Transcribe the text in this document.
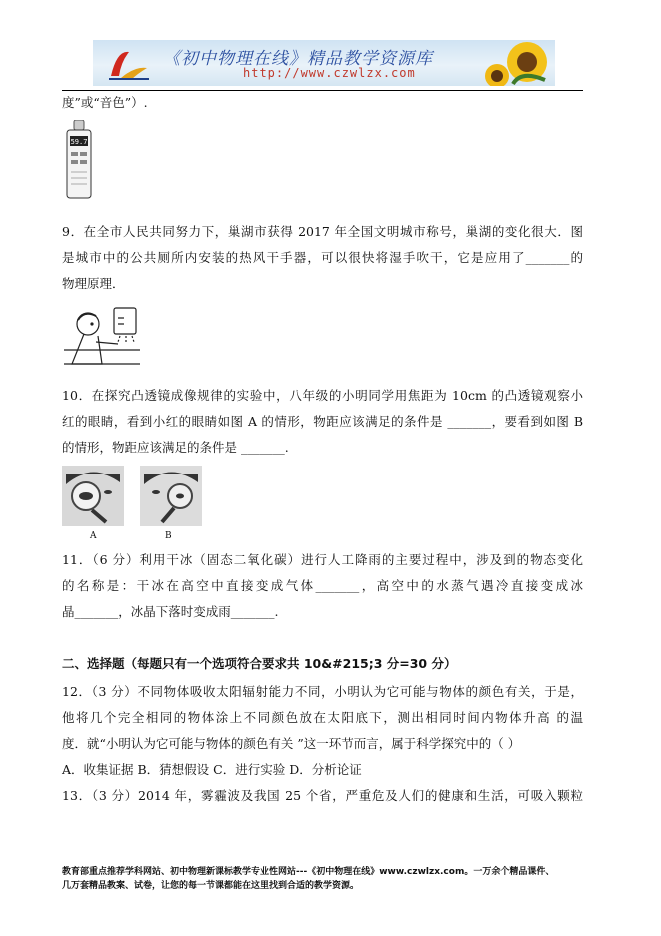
《初中物理在线》精品教学资源库
http://www.czwlzx.com
度”或“音色”）.
59.7
9．在全市人民共同努力下，巢湖市获得 2017 年全国文明城市称号，巢湖的变化很大．图
是城市中的公共厕所内安装的热风干手器，可以很快将湿手吹干，它是应用了_______的
物理原理．
10．在探究凸透镜成像规律的实验中，八年级的小明同学用焦距为 10cm 的凸透镜观察小
红的眼睛，看到小红的眼睛如图 A 的情形，物距应该满足的条件是 _______，要看到如图 B
的情形，物距应该满足的条件是 _______.
A	B
11．（6 分）利用干冰（固态二氧化碳）进行人工降雨的主要过程中，涉及到的物态变化
的名称是：干冰在高空中直接变成气体_______，高空中的水蒸气遇冷直接变成冰
晶_______，冰晶下落时变成雨_______.
二、选择题（每题只有一个选项符合要求共 10&#215;3 分=30 分）
12．（3 分）不同物体吸收太阳辐射能力不同，小明认为它可能与物体的颜色有关，于是，
他将几个完全相同的物体涂上不同颜色放在太阳底下，测出相同时间内物体升高 的温
度．就“小明认为它可能与物体的颜色有关 ”这一环节而言，属于科学探究中的（ ）
A．收集证据 B．猜想假设 C．进行实验 D．分析论证
13．（3 分）2014 年，雾霾波及我国 25 个省，严重危及人们的健康和生活，可吸入颗粒
教育部重点推荐学科网站、初中物理新课标教学专业性网站---《初中物理在线》www.czwlzx.com。一万余个精品课件、
几万套精品教案、试卷，让您的每一节课都能在这里找到合适的教学资源。
